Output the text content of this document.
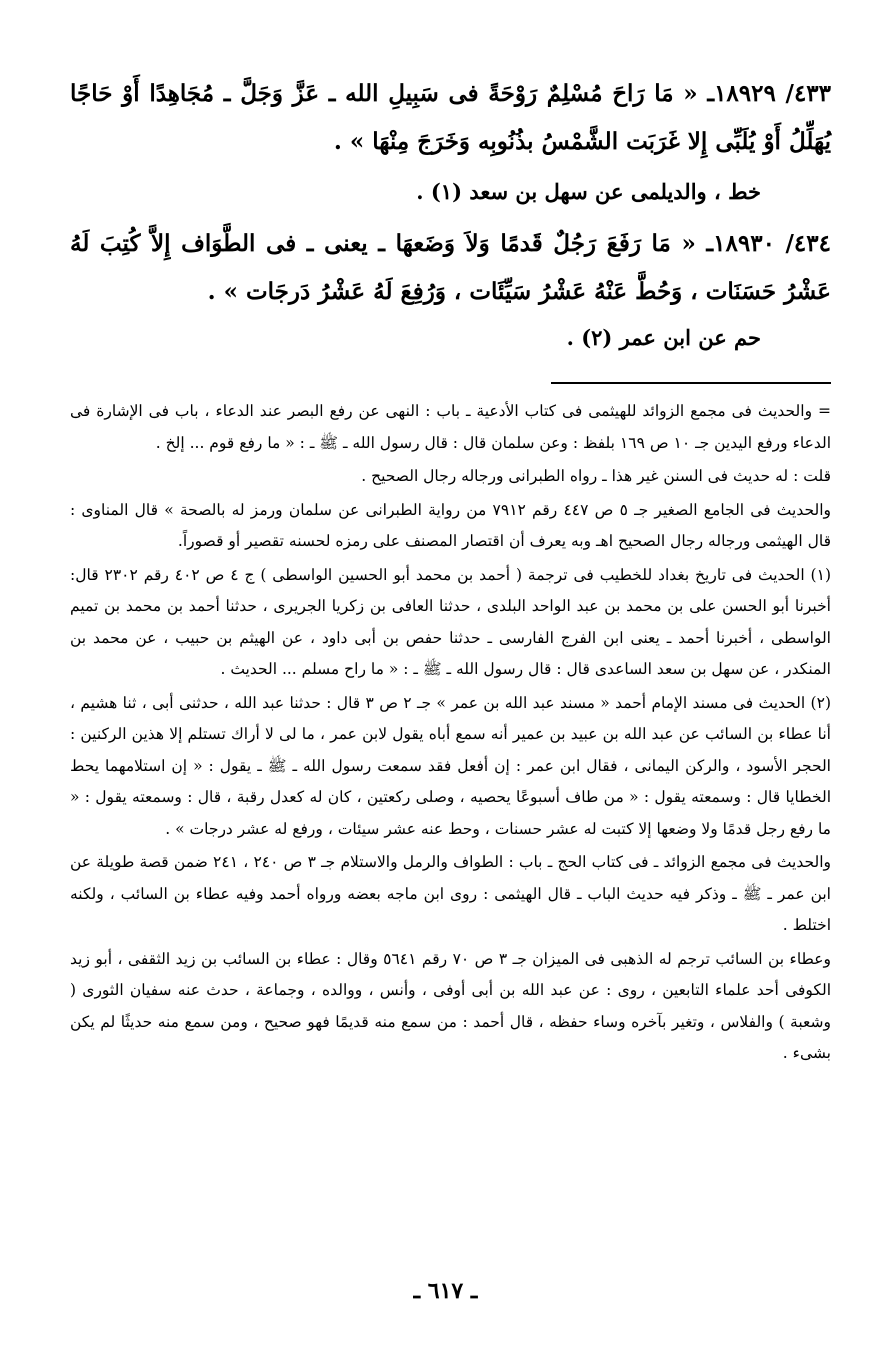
٤٣٣/ ١٨٩٢٩ـ « مَا رَاحَ مُسْلِمٌ رَوْحَةً فى سَبِيلِ الله ـ عَزَّ وَجَلَّ ـ مُجَاهِدًا أَوْ حَاجًا يُهَلِّلُ أَوْ يُلَبِّى إِلا غَرَبَت الشَّمْسُ بذُنُوبِه وَخَرَجَ مِنْهَا » .

خط ، والديلمى عن سهل بن سعد (١) .

٤٣٤/ ١٨٩٣٠ـ « مَا رَفَعَ رَجُلٌ قَدمًا وَلاَ وَضَعهَا ـ يعنى ـ فى الطَّوَاف إِلاَّ كُتِبَ لَهُ عَشْرُ حَسَنَات ، وَحُطَّ عَنْهُ عَشْرُ سَيِّئَات ، وَرُفِعَ لَهُ عَشْرُ دَرجَات » .

حم عن ابن عمر (٢) .

= والحديث فى مجمع الزوائد للهيثمى فى كتاب الأدعية ـ باب : النهى عن رفع البصر عند الدعاء ، باب فى الإشارة فى الدعاء ورفع اليدين جـ ١٠ ص ١٦٩ بلفظ : وعن سلمان قال : قال رسول الله ـ ﷺ ـ : « ما رفع قوم ... إلخ .

قلت : له حديث فى السنن غير هذا ـ رواه الطبرانى ورجاله رجال الصحيح .

والحديث فى الجامع الصغير جـ ٥ ص ٤٤٧ رقم ٧٩١٢ من رواية الطبرانى عن سلمان ورمز له بالصحة » قال المناوى : قال الهيثمى ورجاله رجال الصحيح اهـ وبه يعرف أن اقتصار المصنف على رمزه لحسنه تقصير أو قصوراً.

(١) الحديث فى تاريخ بغداد للخطيب فى ترجمة ( أحمد بن محمد أبو الحسين الواسطى ) ج ٤ ص ٤٠٢ رقم ٢٣٠٢ قال: أخبرنا أبو الحسن على بن محمد بن عبد الواحد البلدى ، حدثنا العافى بن زكريا الجريرى ، حدثنا أحمد بن محمد بن تميم الواسطى ، أخبرنا أحمد ـ يعنى ابن الفرج الفارسى ـ حدثنا حفص بن أبى داود ، عن الهيثم بن حبيب ، عن محمد بن المنكدر ، عن سهل بن سعد الساعدى قال : قال رسول الله ـ ﷺ ـ : « ما راح مسلم ... الحديث .

(٢) الحديث فى مسند الإمام أحمد « مسند عبد الله بن عمر » جـ ٢ ص ٣ قال : حدثنا عبد الله ، حدثنى أبى ، ثنا هشيم ، أنا عطاء بن السائب عن عبد الله بن عبيد بن عمير أنه سمع أباه يقول لابن عمر ، ما لى لا أراك تستلم إلا هذين الركنين : الحجر الأسود ، والركن اليمانى ، فقال ابن عمر : إن أفعل فقد سمعت رسول الله ـ ﷺ ـ يقول : « إن استلامهما يحط الخطايا قال : وسمعته يقول : « من طاف أسبوعًا يحصيه ، وصلى ركعتين ، كان له كعدل رقبة ، قال : وسمعته يقول : « ما رفع رجل قدمًا ولا وضعها إلا كتبت له عشر حسنات ، وحط عنه عشر سيئات ، ورفع له عشر درجات » .

والحديث فى مجمع الزوائد ـ فى كتاب الحج ـ باب : الطواف والرمل والاستلام جـ ٣ ص ٢٤٠ ، ٢٤١ ضمن قصة طويلة عن ابن عمر ـ ﷺ ـ وذكر فيه حديث الباب ـ قال الهيثمى : روى ابن ماجه بعضه ورواه أحمد وفيه عطاء بن السائب ، ولكنه اختلط .

وعطاء بن السائب ترجم له الذهبى فى الميزان جـ ٣ ص ٧٠ رقم ٥٦٤١ وقال : عطاء بن السائب بن زيد الثقفى ، أبو زيد الكوفى أحد علماء التابعين ، روى : عن عبد الله بن أبى أوفى ، وأنس ، ووالده ، وجماعة ، حدث عنه سفيان الثورى ( وشعبة ) والفلاس ، وتغير بآخره وساء حفظه ، قال أحمد : من سمع منه قديمًا فهو صحيح ، ومن سمع منه حديثًا لم يكن بشىء .

ـ ٦١٧ ـ
